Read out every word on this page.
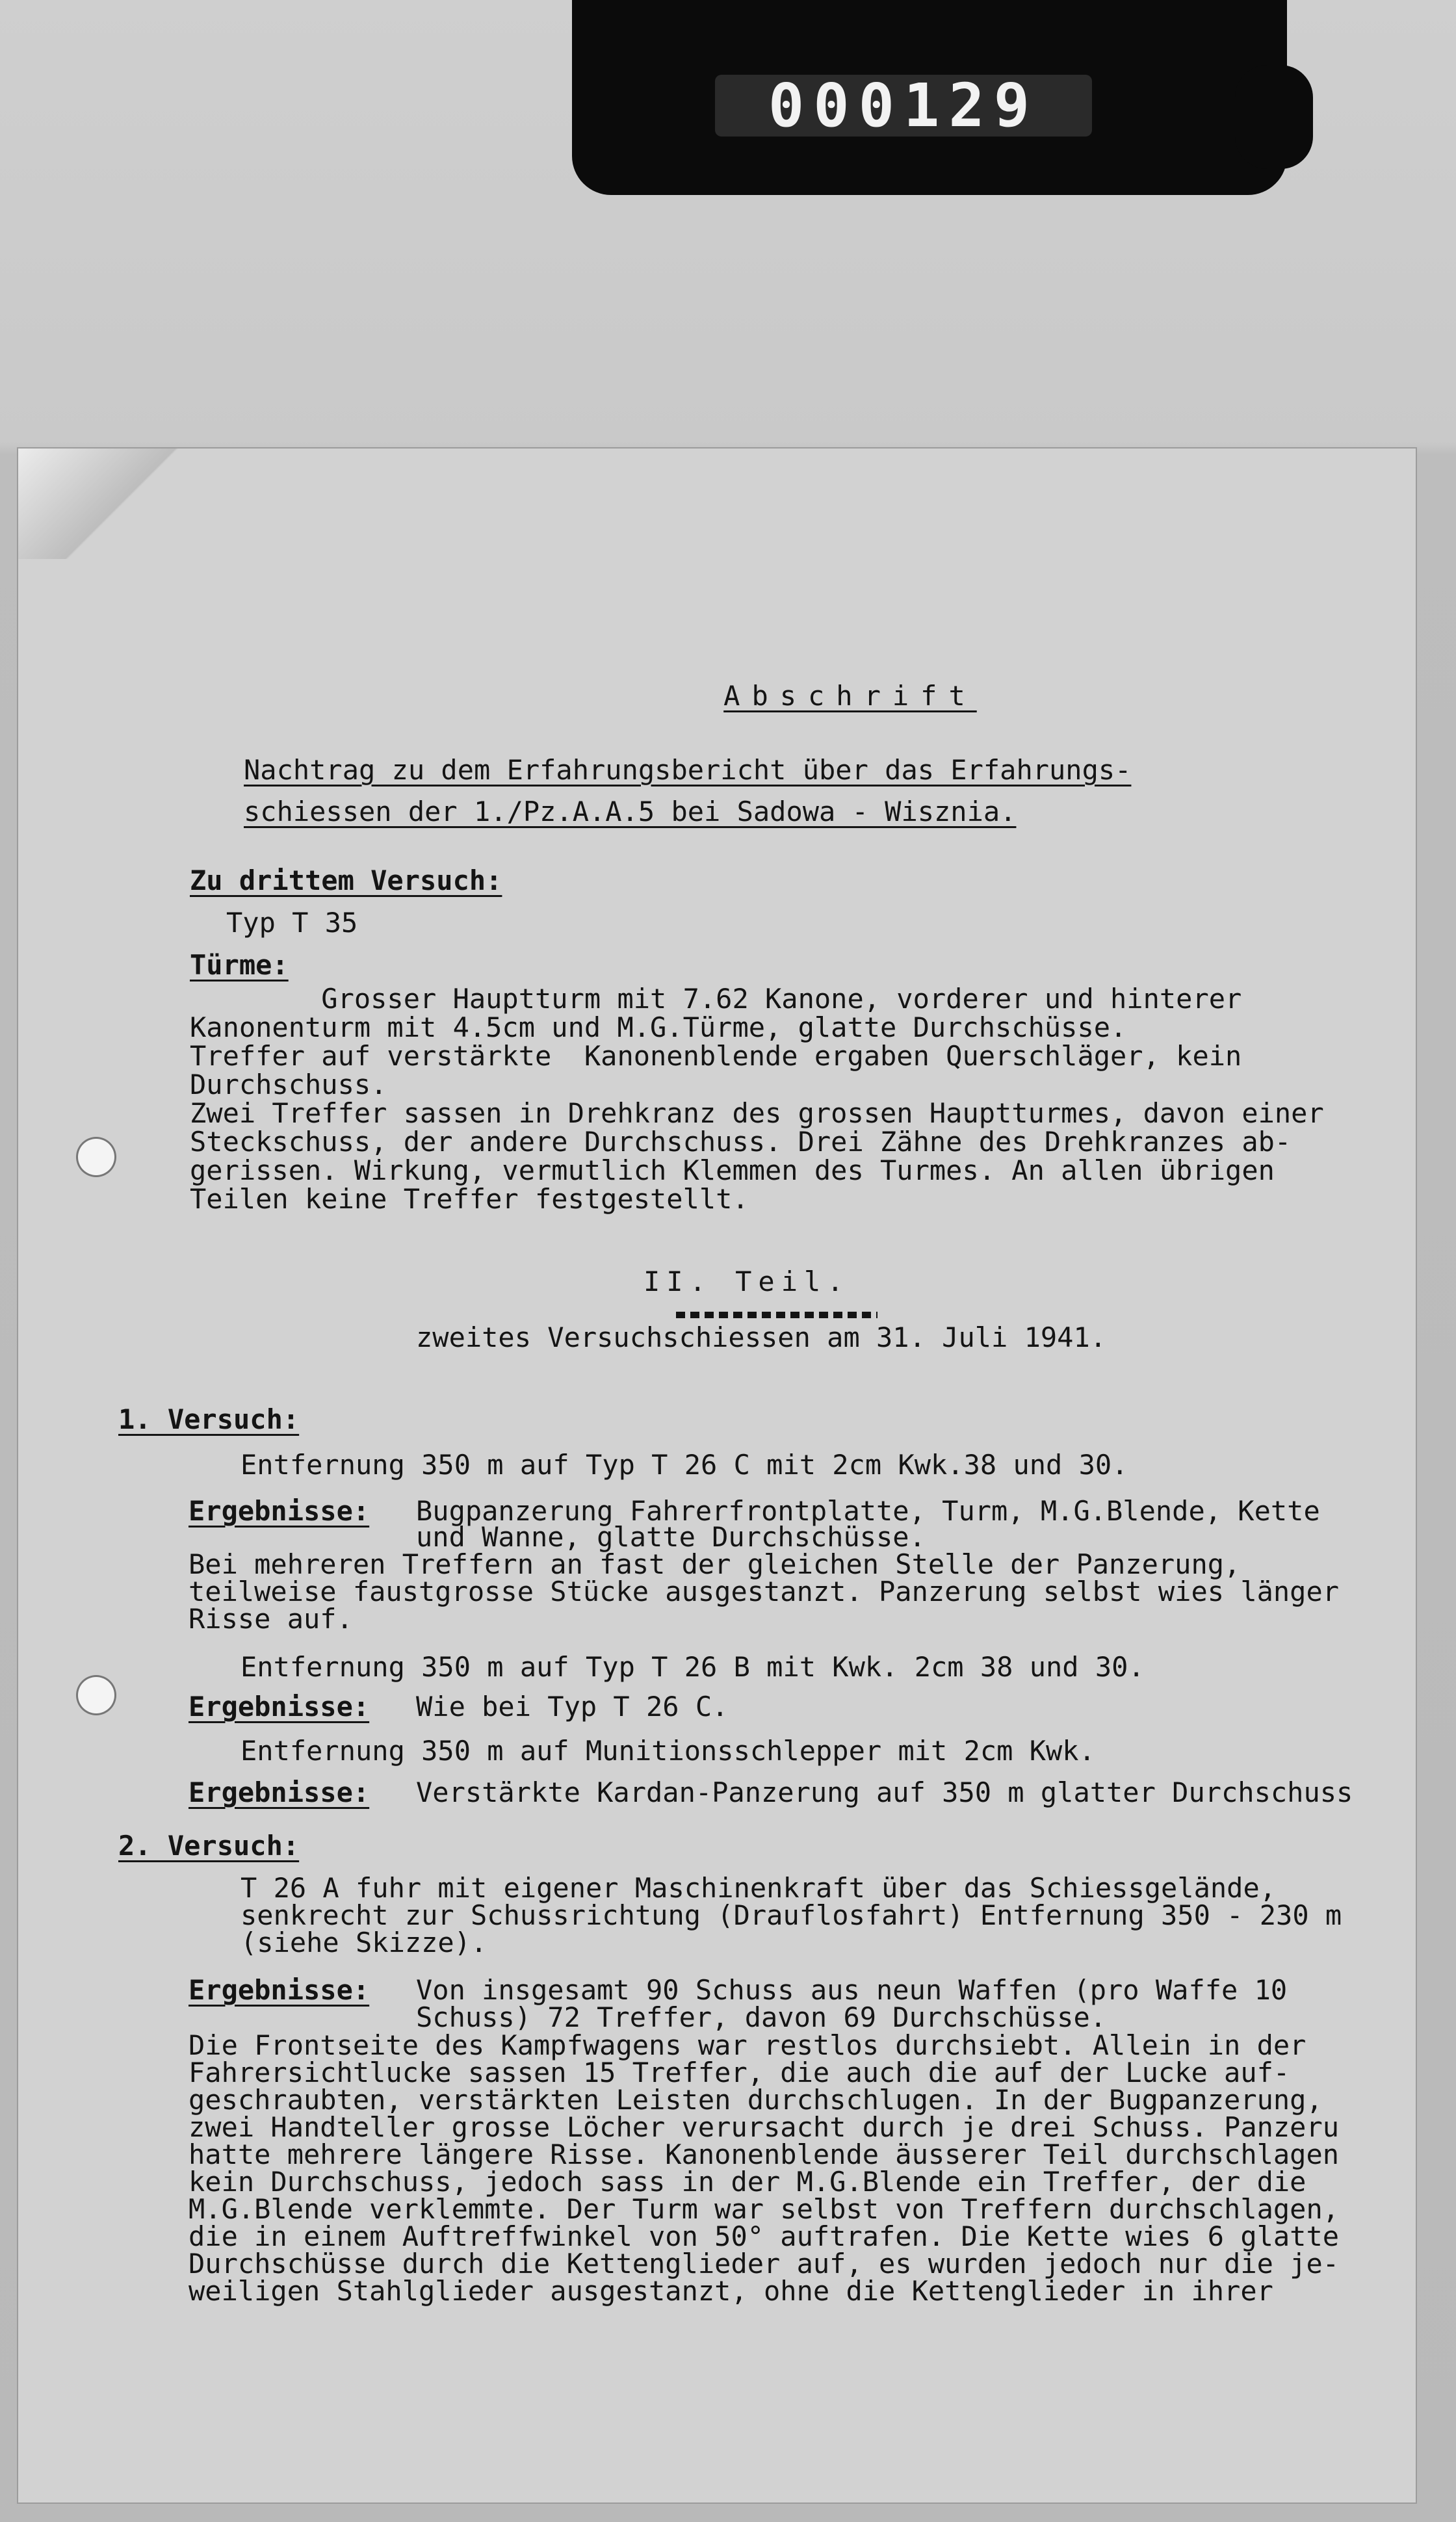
000129

Abschrift

Nachtrag zu dem Erfahrungsbericht über das Erfahrungs-

schiessen der 1./Pz.A.A.5 bei Sadowa - Wisznia.

Zu drittem Versuch:

Typ T 35

Türme:

Grosser Hauptturm mit 7.62 Kanone, vorderer und hinterer

Kanonenturm mit 4.5cm und M.G.Türme, glatte Durchschüsse.

Treffer auf verstärkte  Kanonenblende ergaben Querschläger, kein

Durchschuss.

Zwei Treffer sassen in Drehkranz des grossen Hauptturmes, davon einer

Steckschuss, der andere Durchschuss. Drei Zähne des Drehkranzes ab-

gerissen. Wirkung, vermutlich Klemmen des Turmes. An allen übrigen

Teilen keine Treffer festgestellt.

II. Teil.

zweites Versuchschiessen am 31. Juli 1941.

1. Versuch:

Entfernung 350 m auf Typ T 26 C mit 2cm Kwk.38 und 30.

Ergebnisse:

Bugpanzerung Fahrerfrontplatte, Turm, M.G.Blende, Kette

und Wanne, glatte Durchschüsse.

Bei mehreren Treffern an fast der gleichen Stelle der Panzerung,

teilweise faustgrosse Stücke ausgestanzt. Panzerung selbst wies länger

Risse auf.

Entfernung 350 m auf Typ T 26 B mit Kwk. 2cm 38 und 30.

Ergebnisse:

Wie bei Typ T 26 C.

Entfernung 350 m auf Munitionsschlepper mit 2cm Kwk.

Ergebnisse:

Verstärkte Kardan-Panzerung auf 350 m glatter Durchschuss

2. Versuch:

T 26 A fuhr mit eigener Maschinenkraft über das Schiessgelände,

senkrecht zur Schussrichtung (Drauflosfahrt) Entfernung 350 - 230 m

(siehe Skizze).

Ergebnisse:

Von insgesamt 90 Schuss aus neun Waffen (pro Waffe 10

Schuss) 72 Treffer, davon 69 Durchschüsse.

Die Frontseite des Kampfwagens war restlos durchsiebt. Allein in der

Fahrersichtlucke sassen 15 Treffer, die auch die auf der Lucke auf-

geschraubten, verstärkten Leisten durchschlugen. In der Bugpanzerung,

zwei Handteller grosse Löcher verursacht durch je drei Schuss. Panzeru

hatte mehrere längere Risse. Kanonenblende äusserer Teil durchschlagen

kein Durchschuss, jedoch sass in der M.G.Blende ein Treffer, der die

M.G.Blende verklemmte. Der Turm war selbst von Treffern durchschlagen,

die in einem Auftreffwinkel von 50° auftrafen. Die Kette wies 6 glatte

Durchschüsse durch die Kettenglieder auf, es wurden jedoch nur die je-

weiligen Stahlglieder ausgestanzt, ohne die Kettenglieder in ihrer
